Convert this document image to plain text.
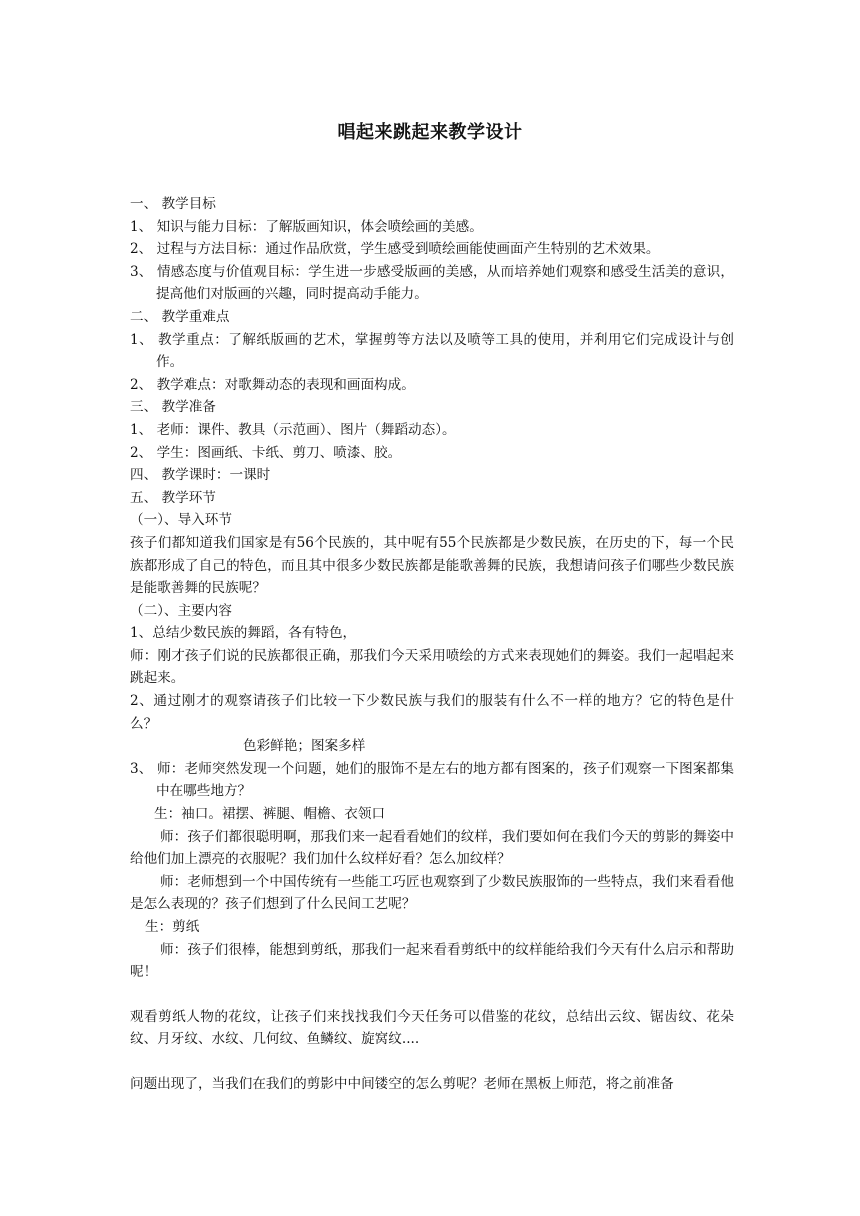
唱起来跳起来教学设计

一、 教学目标

1、 知识与能力目标：了解版画知识，体会喷绘画的美感。

2、 过程与方法目标：通过作品欣赏，学生感受到喷绘画能使画面产生特别的艺术效果。

3、 情感态度与价值观目标：学生进一步感受版画的美感，从而培养她们观察和感受生活美的意识，提高他们对版画的兴趣，同时提高动手能力。

二、 教学重难点

1、 教学重点：了解纸版画的艺术，掌握剪等方法以及喷等工具的使用，并利用它们完成设计与创作。

2、 教学难点：对歌舞动态的表现和画面构成。

三、 教学准备

1、 老师：课件、教具（示范画）、图片（舞蹈动态）。

2、 学生：图画纸、卡纸、剪刀、喷漆、胶。

四、 教学课时：一课时

五、 教学环节

（一）、导入环节

孩子们都知道我们国家是有56个民族的，其中呢有55个民族都是少数民族，在历史的下，每一个民族都形成了自己的特色，而且其中很多少数民族都是能歌善舞的民族，我想请问孩子们哪些少数民族是能歌善舞的民族呢？

（二）、主要内容

1、总结少数民族的舞蹈，各有特色，

师：刚才孩子们说的民族都很正确，那我们今天采用喷绘的方式来表现她们的舞姿。我们一起唱起来跳起来。

2、通过刚才的观察请孩子们比较一下少数民族与我们的服装有什么不一样的地方？它的特色是什么？

色彩鲜艳；图案多样

3、 师：老师突然发现一个问题，她们的服饰不是左右的地方都有图案的，孩子们观察一下图案都集中在哪些地方？

生：袖口。裙摆、裤腿、帽檐、衣领口

师：孩子们都很聪明啊，那我们来一起看看她们的纹样，我们要如何在我们今天的剪影的舞姿中给他们加上漂亮的衣服呢？我们加什么纹样好看？怎么加纹样？

师：老师想到一个中国传统有一些能工巧匠也观察到了少数民族服饰的一些特点，我们来看看他是怎么表现的？孩子们想到了什么民间工艺呢？

生：剪纸

师：孩子们很棒，能想到剪纸，那我们一起来看看剪纸中的纹样能给我们今天有什么启示和帮助呢！

观看剪纸人物的花纹，让孩子们来找找我们今天任务可以借鉴的花纹，总结出云纹、锯齿纹、花朵纹、月牙纹、水纹、几何纹、鱼鳞纹、旋窝纹....

问题出现了，当我们在我们的剪影中中间镂空的怎么剪呢？老师在黑板上师范，将之前准备
